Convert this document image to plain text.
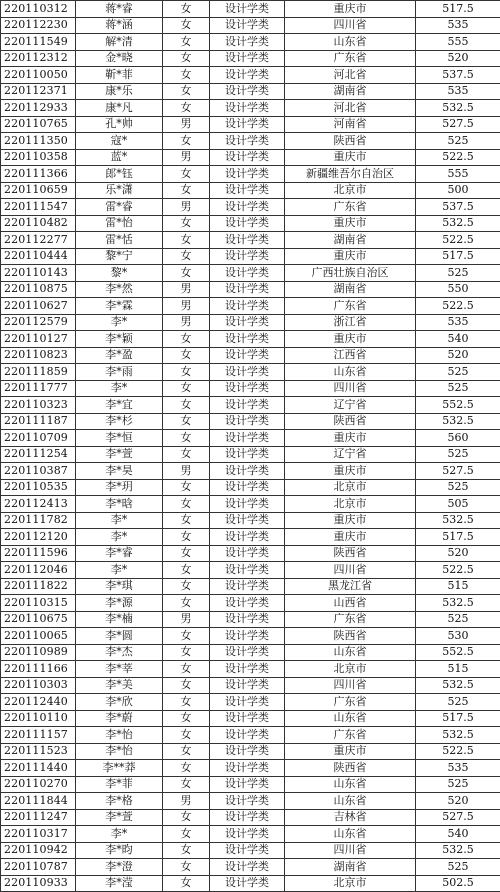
220110312	蒋*睿	女	设计学类	重庆市	517.5
220112230	蒋*涵	女	设计学类	四川省	535
220111549	解*清	女	设计学类	山东省	555
220112312	金*晓	女	设计学类	广东省	520
220110050	靳*菲	女	设计学类	河北省	537.5
220112371	康*乐	女	设计学类	湖南省	535
220112933	康*凡	女	设计学类	河北省	532.5
220110765	孔*帅	男	设计学类	河南省	527.5
220111350	寇*	女	设计学类	陕西省	525
220110358	蓝*	男	设计学类	重庆市	522.5
220111366	郎*钰	女	设计学类	新疆维吾尔自治区	555
220110659	乐*潇	女	设计学类	北京市	500
220111547	雷*睿	男	设计学类	广东省	537.5
220110482	雷*怡	女	设计学类	重庆市	532.5
220112277	雷*恬	女	设计学类	湖南省	522.5
220110444	黎*宁	女	设计学类	重庆市	517.5
220110143	黎*	女	设计学类	广西壮族自治区	525
220110875	李*然	男	设计学类	湖南省	550
220110627	李*霖	男	设计学类	广东省	522.5
220112579	李*	男	设计学类	浙江省	535
220110127	李*颖	女	设计学类	重庆市	540
220110823	李*盈	女	设计学类	江西省	520
220111859	李*雨	女	设计学类	山东省	525
220111777	李*	女	设计学类	四川省	525
220110323	李*宜	女	设计学类	辽宁省	552.5
220111187	李*杉	女	设计学类	陕西省	532.5
220110709	李*恒	女	设计学类	重庆市	560
220111254	李*萱	女	设计学类	辽宁省	525
220110387	李*昊	男	设计学类	重庆市	527.5
220110535	李*玥	女	设计学类	北京市	525
220112413	李*晗	女	设计学类	北京市	505
220111782	李*	女	设计学类	重庆市	532.5
220112120	李*	女	设计学类	重庆市	517.5
220111596	李*睿	女	设计学类	陕西省	520
220112046	李*	女	设计学类	四川省	522.5
220111822	李*琪	女	设计学类	黑龙江省	515
220110315	李*源	女	设计学类	山西省	532.5
220110675	李*楠	男	设计学类	广东省	525
220110065	李*圆	女	设计学类	陕西省	530
220110989	李*杰	女	设计学类	山东省	552.5
220111166	李*莘	女	设计学类	北京市	515
220110303	李*美	女	设计学类	四川省	532.5
220112440	李*欣	女	设计学类	广东省	525
220110110	李*蔚	女	设计学类	山东省	517.5
220111157	李*怡	女	设计学类	广东省	532.5
220111523	李*怡	女	设计学类	重庆市	522.5
220111440	李**莽	女	设计学类	陕西省	535
220110270	李*菲	女	设计学类	山东省	525
220111844	李*格	男	设计学类	山东省	520
220111247	李*萱	女	设计学类	吉林省	527.5
220110317	李*	女	设计学类	山东省	540
220110942	李*昀	女	设计学类	四川省	532.5
220110787	李*澄	女	设计学类	湖南省	525
220110933	李*滢	女	设计学类	北京市	502.5
